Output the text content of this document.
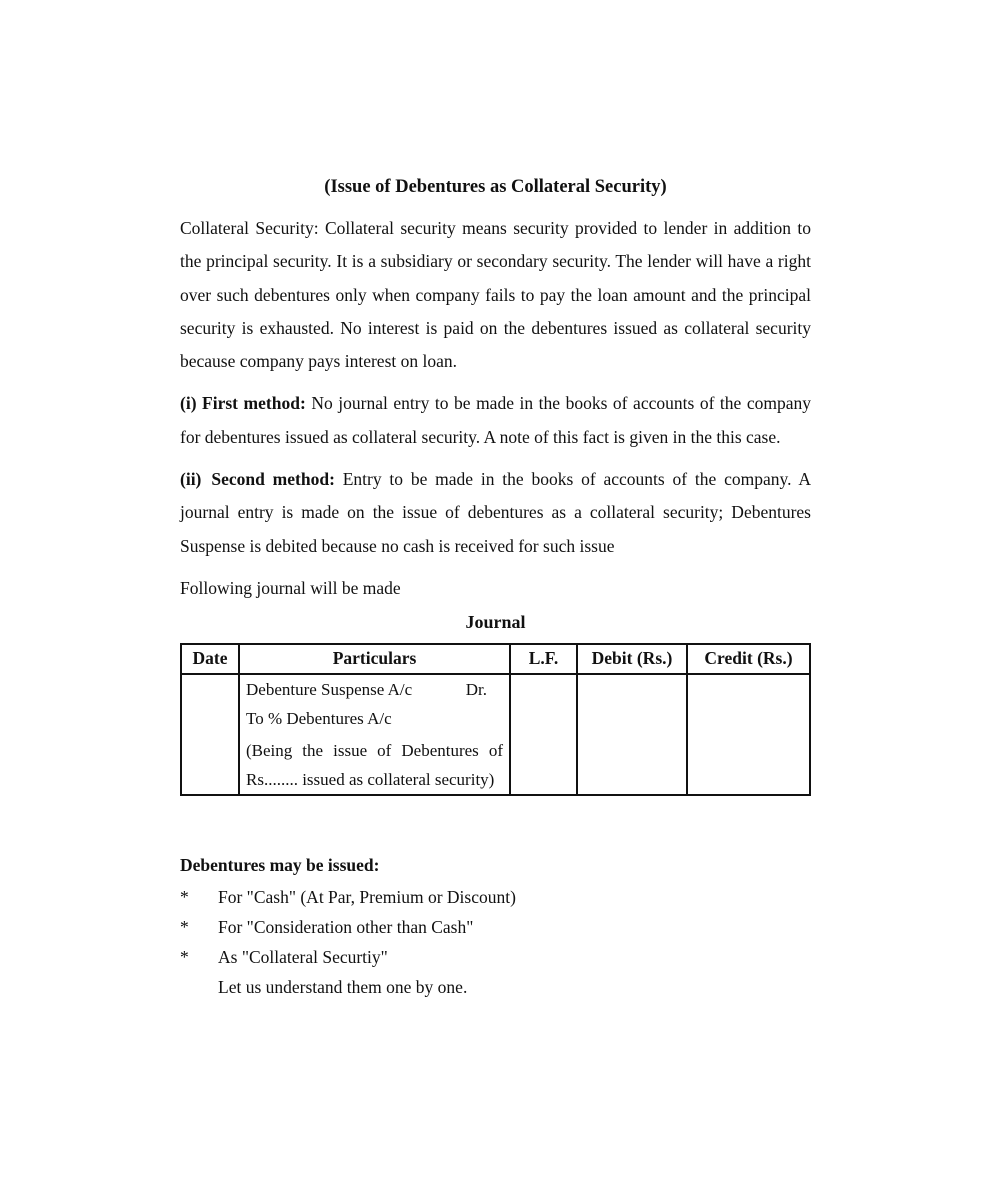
(Issue of Debentures as Collateral Security)

Collateral Security: Collateral security means security provided to lender in addition to the principal security. It is a subsidiary or secondary security. The lender will have a right over such debentures only when company fails to pay the loan amount and the principal security is exhausted. No interest is paid on the debentures issued as collateral security because company pays interest on loan.

(i) First method: No journal entry to be made in the books of accounts of the company for debentures issued as collateral security. A note of this fact is given in the this case.

(ii) Second method: Entry to be made in the books of accounts of the company. A journal entry is made on the issue of debentures as a collateral security; Debentures Suspense is debited because no cash is received for such issue

Following journal will be made
Journal
Date	Particulars	L.F.	Debit (Rs.)	Credit (Rs.)

	Debenture Suspense A/c Dr.
To % Debentures A/c
(Being the issue of Debentures of Rs........ issued as collateral security)			

Debentures may be issued:
*	For "Cash" (At Par, Premium or Discount)
*	For "Consideration other than Cash"
*	As "Collateral Securtiy"
Let us understand them one by one.
